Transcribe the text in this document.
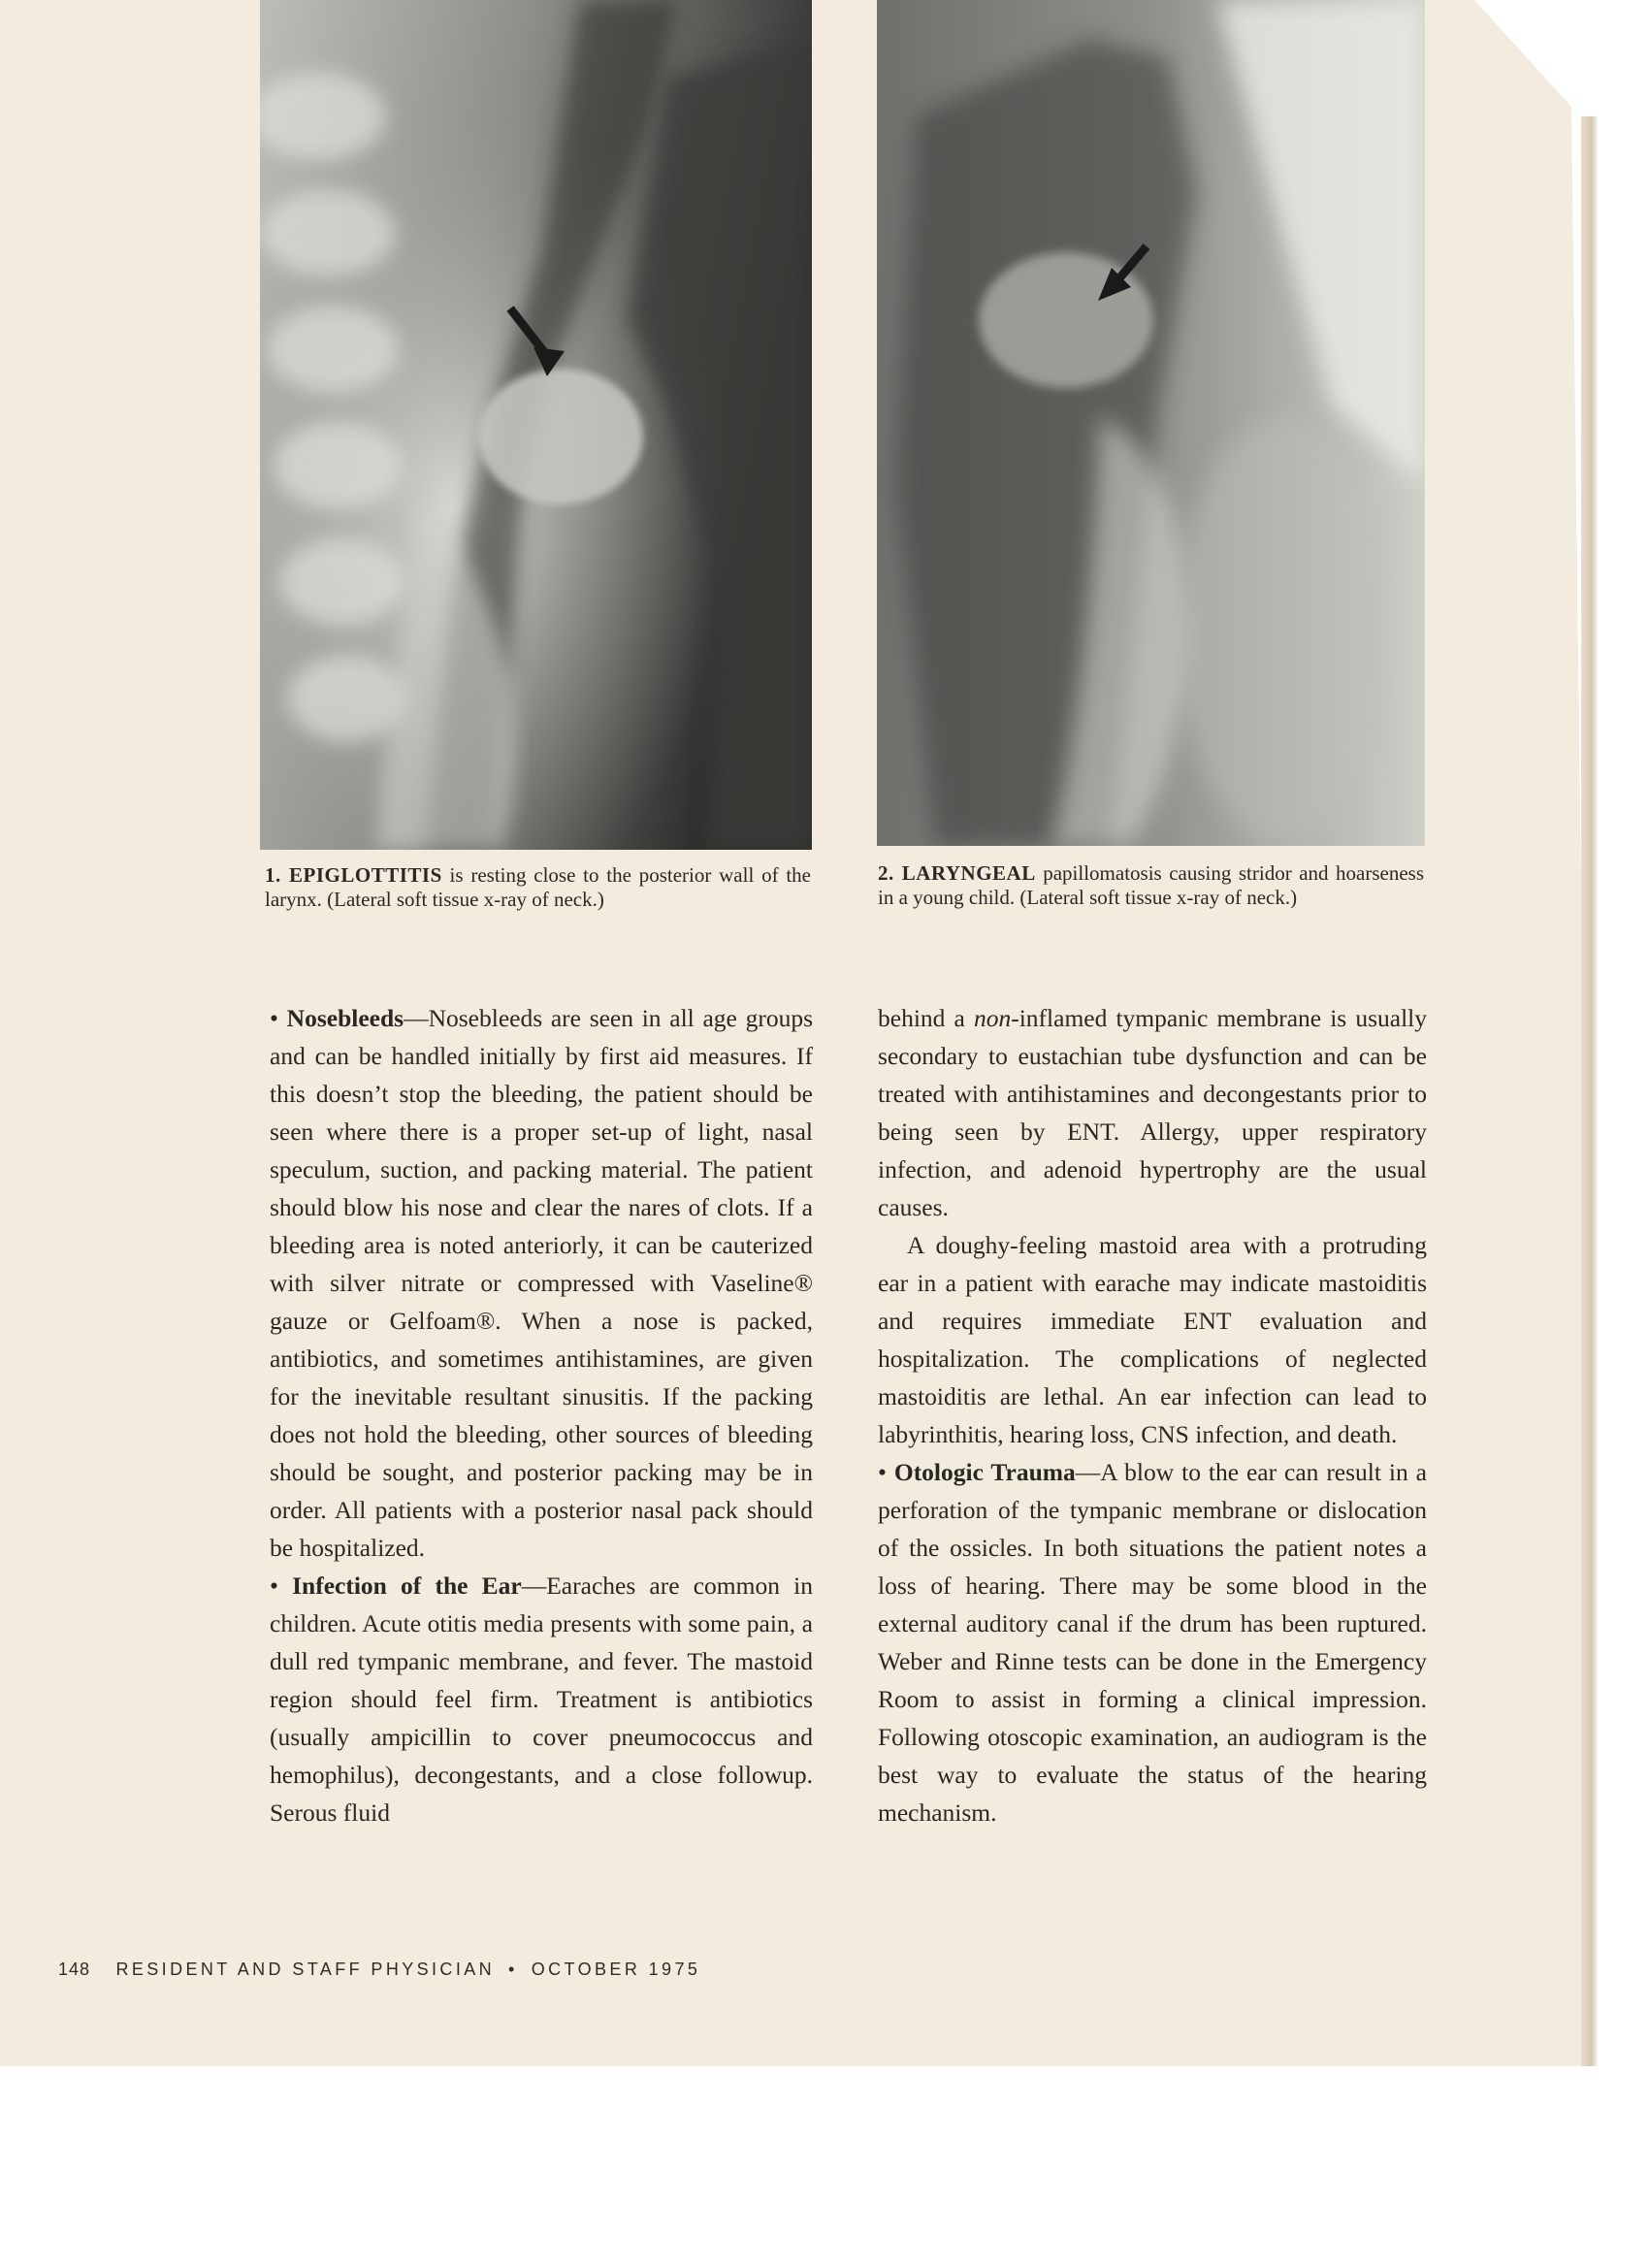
1. EPIGLOTTITIS is resting close to the posterior wall of the larynx. (Lateral soft tissue x-ray of neck.)
2. LARYNGEAL papillomatosis causing stridor and hoarseness in a young child. (Lateral soft tissue x-ray of neck.)

• Nosebleeds—Nosebleeds are seen in all age groups and can be handled initially by first aid measures. If this doesn’t stop the bleeding, the patient should be seen where there is a proper set-up of light, nasal speculum, suction, and packing material. The patient should blow his nose and clear the nares of clots. If a bleeding area is noted anteriorly, it can be cauterized with silver nitrate or compressed with Vaseline® gauze or Gelfoam®. When a nose is packed, antibiotics, and sometimes antihistamines, are given for the inevitable resultant sinusitis. If the packing does not hold the bleeding, other sources of bleeding should be sought, and posterior packing may be in order. All patients with a posterior nasal pack should be hospitalized.

• Infection of the Ear—Earaches are common in children. Acute otitis media presents with some pain, a dull red tympanic membrane, and fever. The mastoid region should feel firm. Treatment is antibiotics (usually ampicillin to cover pneumococcus and hemophilus), decongestants, and a close followup. Serous fluid

behind a non-inflamed tympanic membrane is usually secondary to eustachian tube dysfunction and can be treated with antihistamines and decongestants prior to being seen by ENT. Allergy, upper respiratory infection, and adenoid hypertrophy are the usual causes.

A doughy-feeling mastoid area with a protruding ear in a patient with earache may indicate mastoiditis and requires immediate ENT evaluation and hospitalization. The complications of neglected mastoiditis are lethal. An ear infection can lead to labyrinthitis, hearing loss, CNS infection, and death.

• Otologic Trauma—A blow to the ear can result in a perforation of the tympanic membrane or dislocation of the ossicles. In both situations the patient notes a loss of hearing. There may be some blood in the external auditory canal if the drum has been ruptured. Weber and Rinne tests can be done in the Emergency Room to assist in forming a clinical impression. Following otoscopic examination, an audiogram is the best way to evaluate the status of the hearing mechanism.

148 RESIDENT AND STAFF PHYSICIAN • OCTOBER 1975
